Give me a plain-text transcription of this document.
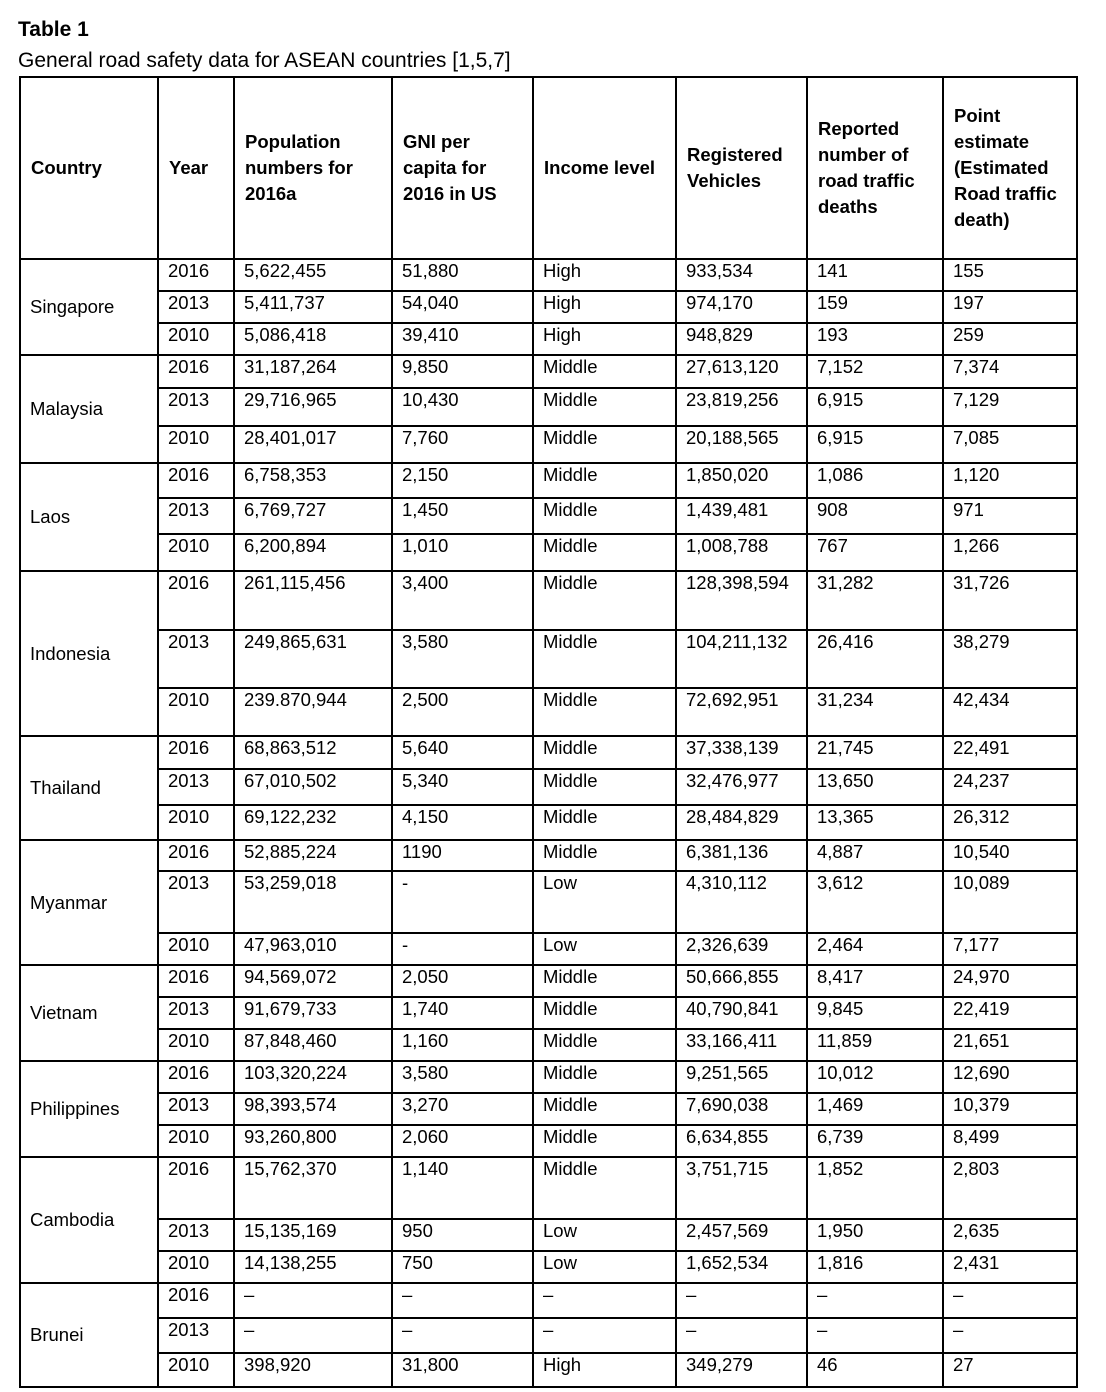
Table 1

General road safety data for ASEAN countries [1,5,7]

Country	Year	Population numbers for 2016a	GNI per capita for 2016 in US	Income level	Registered Vehicles	Reported number of road traffic deaths	Point estimate (Estimated Road traffic death)
Singapore	2016	5,622,455	51,880	High	933,534	141	155
	2013	5,411,737	54,040	High	974,170	159	197
	2010	5,086,418	39,410	High	948,829	193	259
Malaysia	2016	31,187,264	9,850	Middle	27,613,120	7,152	7,374
	2013	29,716,965	10,430	Middle	23,819,256	6,915	7,129
	2010	28,401,017	7,760	Middle	20,188,565	6,915	7,085
Laos	2016	6,758,353	2,150	Middle	1,850,020	1,086	1,120
	2013	6,769,727	1,450	Middle	1,439,481	908	971
	2010	6,200,894	1,010	Middle	1,008,788	767	1,266
Indonesia	2016	261,115,456	3,400	Middle	128,398,594	31,282	31,726
	2013	249,865,631	3,580	Middle	104,211,132	26,416	38,279
	2010	239.870,944	2,500	Middle	72,692,951	31,234	42,434
Thailand	2016	68,863,512	5,640	Middle	37,338,139	21,745	22,491
	2013	67,010,502	5,340	Middle	32,476,977	13,650	24,237
	2010	69,122,232	4,150	Middle	28,484,829	13,365	26,312
Myanmar	2016	52,885,224	1190	Middle	6,381,136	4,887	10,540
	2013	53,259,018	-	Low	4,310,112	3,612	10,089
	2010	47,963,010	-	Low	2,326,639	2,464	7,177
Vietnam	2016	94,569,072	2,050	Middle	50,666,855	8,417	24,970
	2013	91,679,733	1,740	Middle	40,790,841	9,845	22,419
	2010	87,848,460	1,160	Middle	33,166,411	11,859	21,651
Philippines	2016	103,320,224	3,580	Middle	9,251,565	10,012	12,690
	2013	98,393,574	3,270	Middle	7,690,038	1,469	10,379
	2010	93,260,800	2,060	Middle	6,634,855	6,739	8,499
Cambodia	2016	15,762,370	1,140	Middle	3,751,715	1,852	2,803
	2013	15,135,169	950	Low	2,457,569	1,950	2,635
	2010	14,138,255	750	Low	1,652,534	1,816	2,431
Brunei	2016	–	–	–	–	–	–
	2013	–	–	–	–	–	–
	2010	398,920	31,800	High	349,279	46	27
